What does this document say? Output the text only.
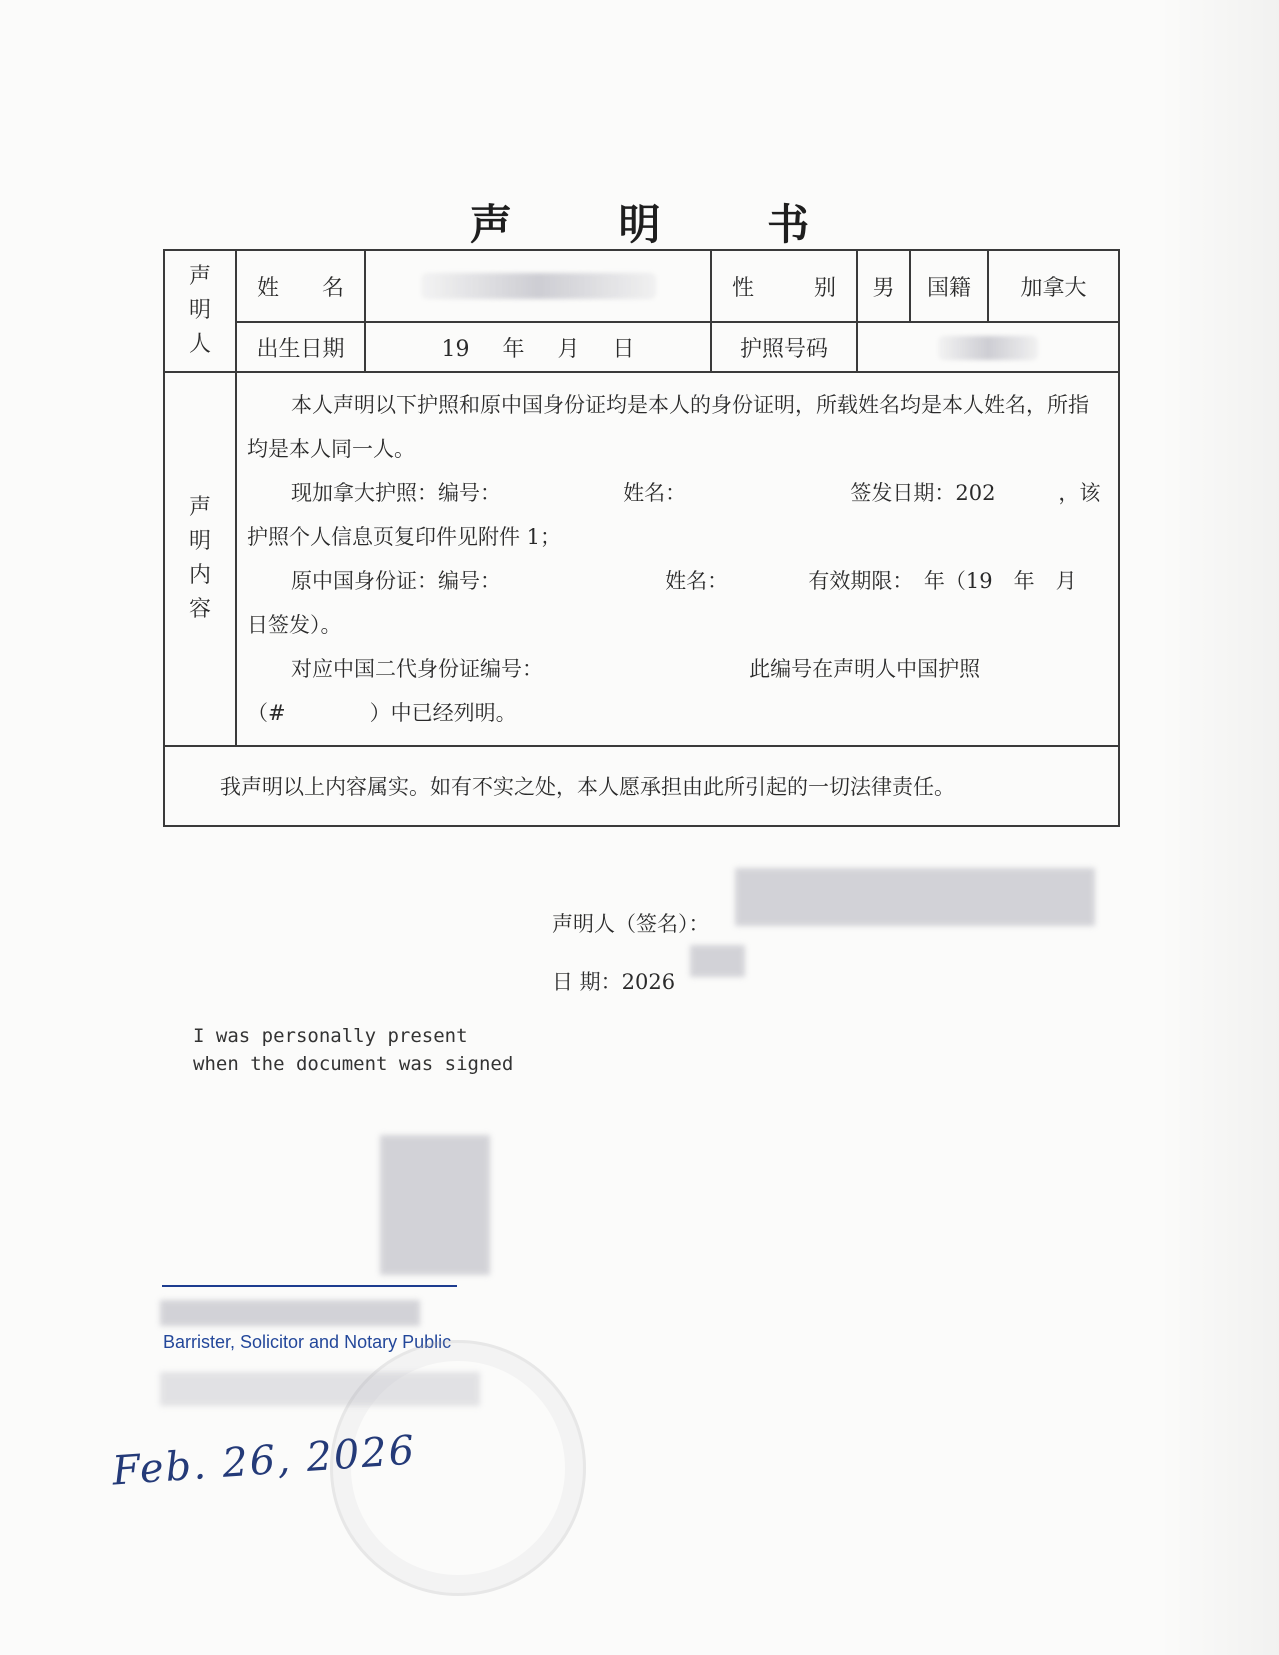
声 明 书
声明人	姓 名		性 别	男	国籍	加拿大
	出生日期	19 年 月 日	护照号码			

声明内容	本人声明以下护照和原中国身份证均是本人的身份证明，所载姓名均是本人姓名，所指均是本人同一人。

现加拿大护照：编号：　　　　　　 姓名：　　　　　　　　 签发日期：202　　　，该护照个人信息页复印件见附件 1；

原中国身份证：编号：　　　　　　　　 姓名：　　　　 有效期限：　年（19　年　月　日签发）。

对应中国二代身份证编号：　　　　　　　　　　 此编号在声明人中国护照（#　　　　）中已经列明。					

我声明以上内容属实。如有不实之处，本人愿承担由此所引起的一切法律责任。						
声明人（签名）：
日 期：2026
I was personally present
when the document was signed
Barrister, Solicitor and Notary Public
Feb. 26, 2026
